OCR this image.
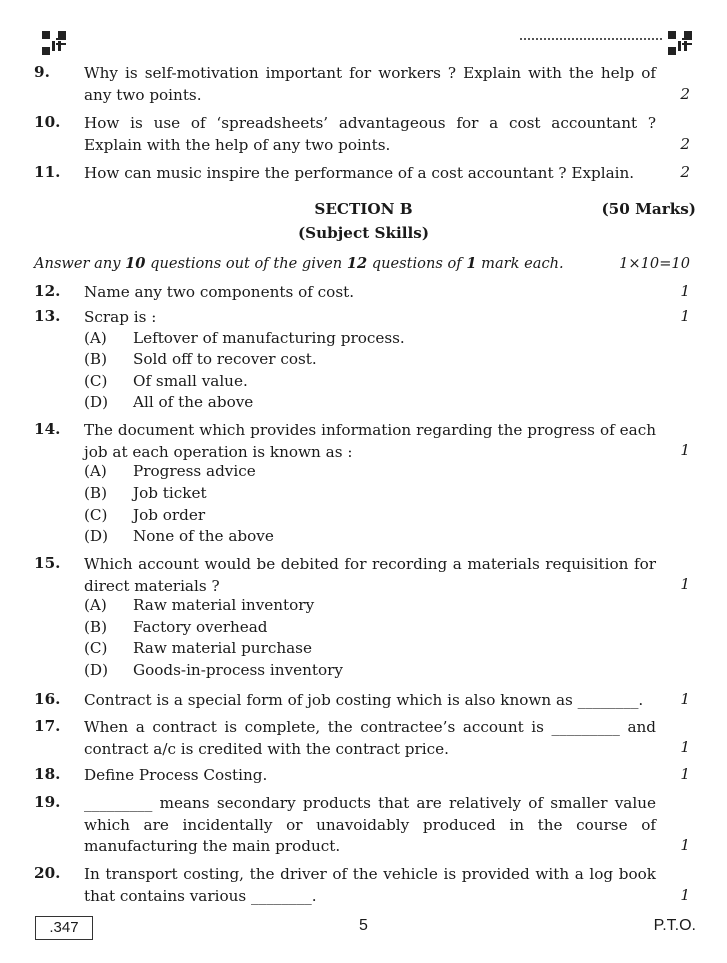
9. Why is self-motivation important for workers ? Explain with the help of any two points.	2
10. How is use of ‘spreadsheets’ advantageous for a cost accountant ? Explain with the help of any two points.	2
11. How can music inspire the performance of a cost accountant ? Explain.	2
SECTION B	(50 Marks)
(Subject Skills)
Answer any 10 questions out of the given 12 questions of 1 mark each.	1×10=10
12. Name any two components of cost.	1
13. Scrap is :	1
(A) Leftover of manufacturing process.
(B) Sold off to recover cost.
(C) Of small value.
(D) All of the above
14. The document which provides information regarding the progress of each job at each operation is known as :	1
(A) Progress advice
(B) Job ticket
(C) Job order
(D) None of the above
15. Which account would be debited for recording a materials requisition for direct materials ?	1
(A) Raw material inventory
(B) Factory overhead
(C) Raw material purchase
(D) Goods-in-process inventory
16. Contract is a special form of job costing which is also known as ________.	1
17. When a contract is complete, the contractee’s account is _________ and contract a/c is credited with the contract price.	1
18. Define Process Costing.	1
19. _________ means secondary products that are relatively of smaller value which are incidentally or unavoidably produced in the course of manufacturing the main product.	1
20. In transport costing, the driver of the vehicle is provided with a log book that contains various ________.	1
.347	5	P.T.O.
